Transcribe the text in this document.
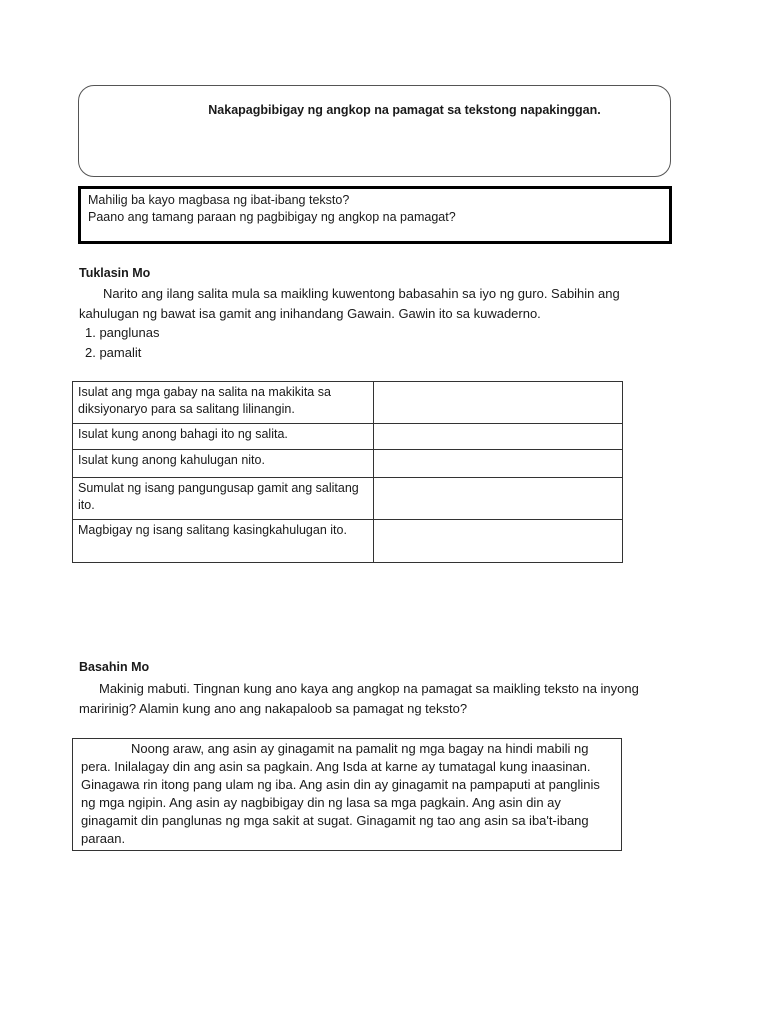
Nakapagbibigay ng angkop na pamagat sa tekstong napakinggan.
Mahilig ba kayo magbasa ng ibat-ibang teksto?
Paano ang tamang paraan ng pagbibigay ng angkop na pamagat?
Tuklasin Mo
Narito ang ilang salita mula sa maikling kuwentong babasahin sa iyo ng guro. Sabihin ang kahulugan ng bawat isa gamit ang inihandang Gawain. Gawin ito sa kuwaderno.
1. panglunas
2. pamalit
Isulat ang mga gabay na salita na makikita sa diksiyonaryo para sa salitang lilinangin.	
Isulat kung anong bahagi ito ng salita.	
Isulat kung anong kahulugan nito.	
Sumulat ng isang pangungusap gamit ang salitang ito.	
Magbigay ng isang salitang kasingkahulugan ito.	
Basahin Mo
Makinig mabuti. Tingnan kung ano kaya ang angkop na pamagat sa maikling teksto na inyong maririnig? Alamin kung ano ang nakapaloob sa pamagat ng teksto?
Noong araw, ang asin ay ginagamit na pamalit ng mga bagay na hindi mabili ng pera. Inilalagay din ang asin sa pagkain. Ang Isda at karne ay tumatagal kung inaasinan. Ginagawa rin itong pang ulam ng iba. Ang asin din ay ginagamit na pampaputi at panglinis ng mga ngipin. Ang asin ay nagbibigay din ng lasa sa mga pagkain. Ang asin din ay ginagamit din panglunas ng mga sakit at sugat. Ginagamit ng tao ang asin sa iba't-ibang paraan.
